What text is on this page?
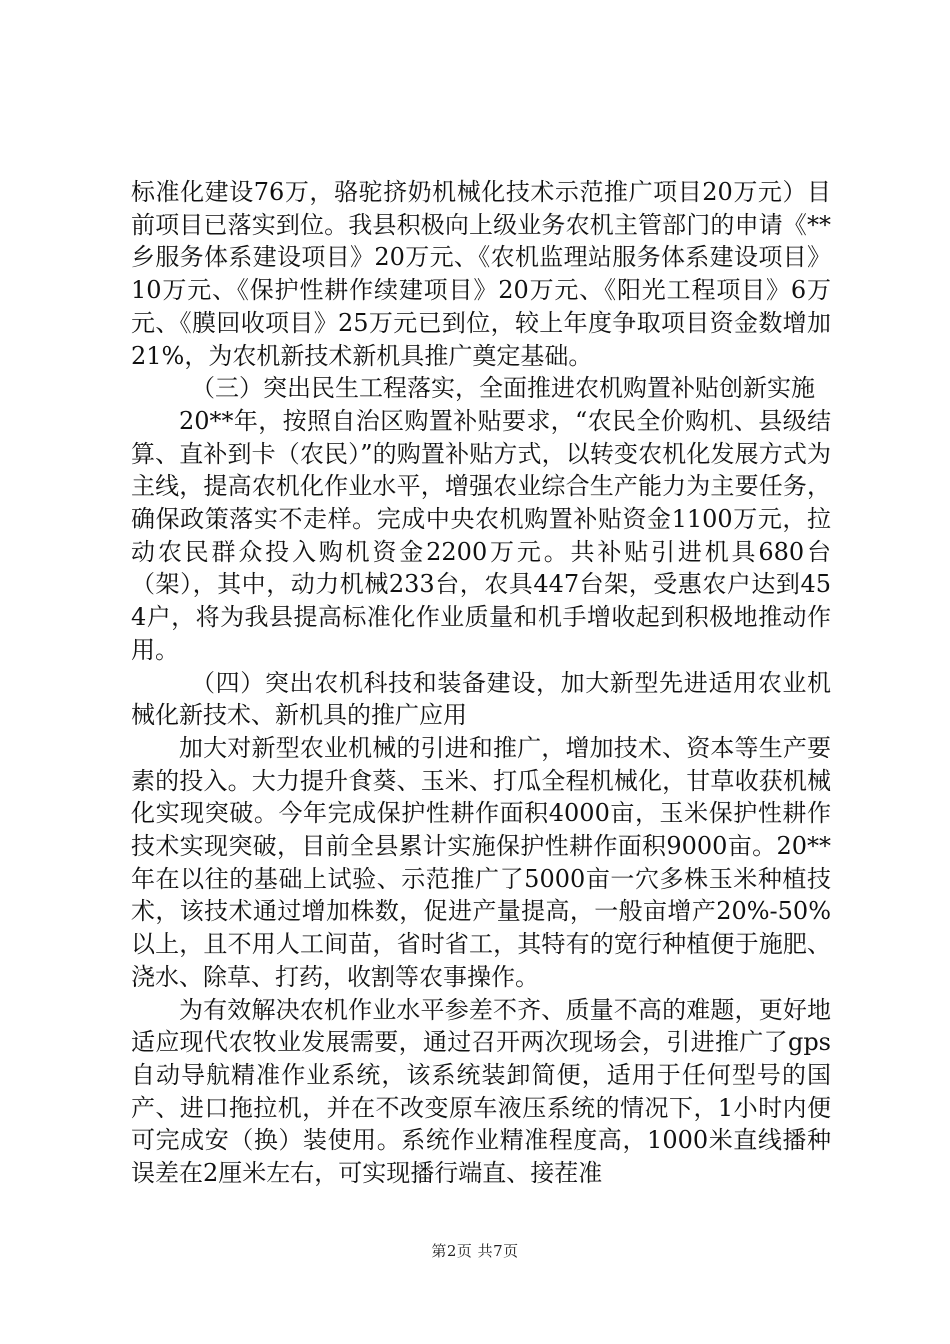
标准化建设76万，骆驼挤奶机械化技术示范推广项目20万元）目前项目已落实到位。我县积极向上级业务农机主管部门的申请《**乡服务体系建设项目》20万元、《农机监理站服务体系建设项目》10万元、《保护性耕作续建项目》20万元、《阳光工程项目》6万元、《膜回收项目》25万元已到位，较上年度争取项目资金数增加21%，为农机新技术新机具推广奠定基础。

（三）突出民生工程落实，全面推进农机购置补贴创新实施

20**年，按照自治区购置补贴要求，“农民全价购机、县级结算、直补到卡（农民）”的购置补贴方式，以转变农机化发展方式为主线，提高农机化作业水平，增强农业综合生产能力为主要任务，确保政策落实不走样。完成中央农机购置补贴资金1100万元，拉动农民群众投入购机资金2200万元。共补贴引进机具680台（架），其中，动力机械233台，农具447台架，受惠农户达到454户，将为我县提高标准化作业质量和机手增收起到积极地推动作用。

（四）突出农机科技和装备建设，加大新型先进适用农业机械化新技术、新机具的推广应用

加大对新型农业机械的引进和推广，增加技术、资本等生产要素的投入。大力提升食葵、玉米、打瓜全程机械化，甘草收获机械化实现突破。今年完成保护性耕作面积4000亩，玉米保护性耕作技术实现突破，目前全县累计实施保护性耕作面积9000亩。20**年在以往的基础上试验、示范推广了5000亩一穴多株玉米种植技术，该技术通过增加株数，促进产量提高，一般亩增产20%-50%以上，且不用人工间苗，省时省工，其特有的宽行种植便于施肥、浇水、除草、打药，收割等农事操作。

为有效解决农机作业水平参差不齐、质量不高的难题，更好地适应现代农牧业发展需要，通过召开两次现场会，引进推广了gps自动导航精准作业系统，该系统装卸简便，适用于任何型号的国产、进口拖拉机，并在不改变原车液压系统的情况下，1小时内便可完成安（换）装使用。系统作业精准程度高，1000米直线播种误差在2厘米左右，可实现播行端直、接茬准

第2页 共7页
